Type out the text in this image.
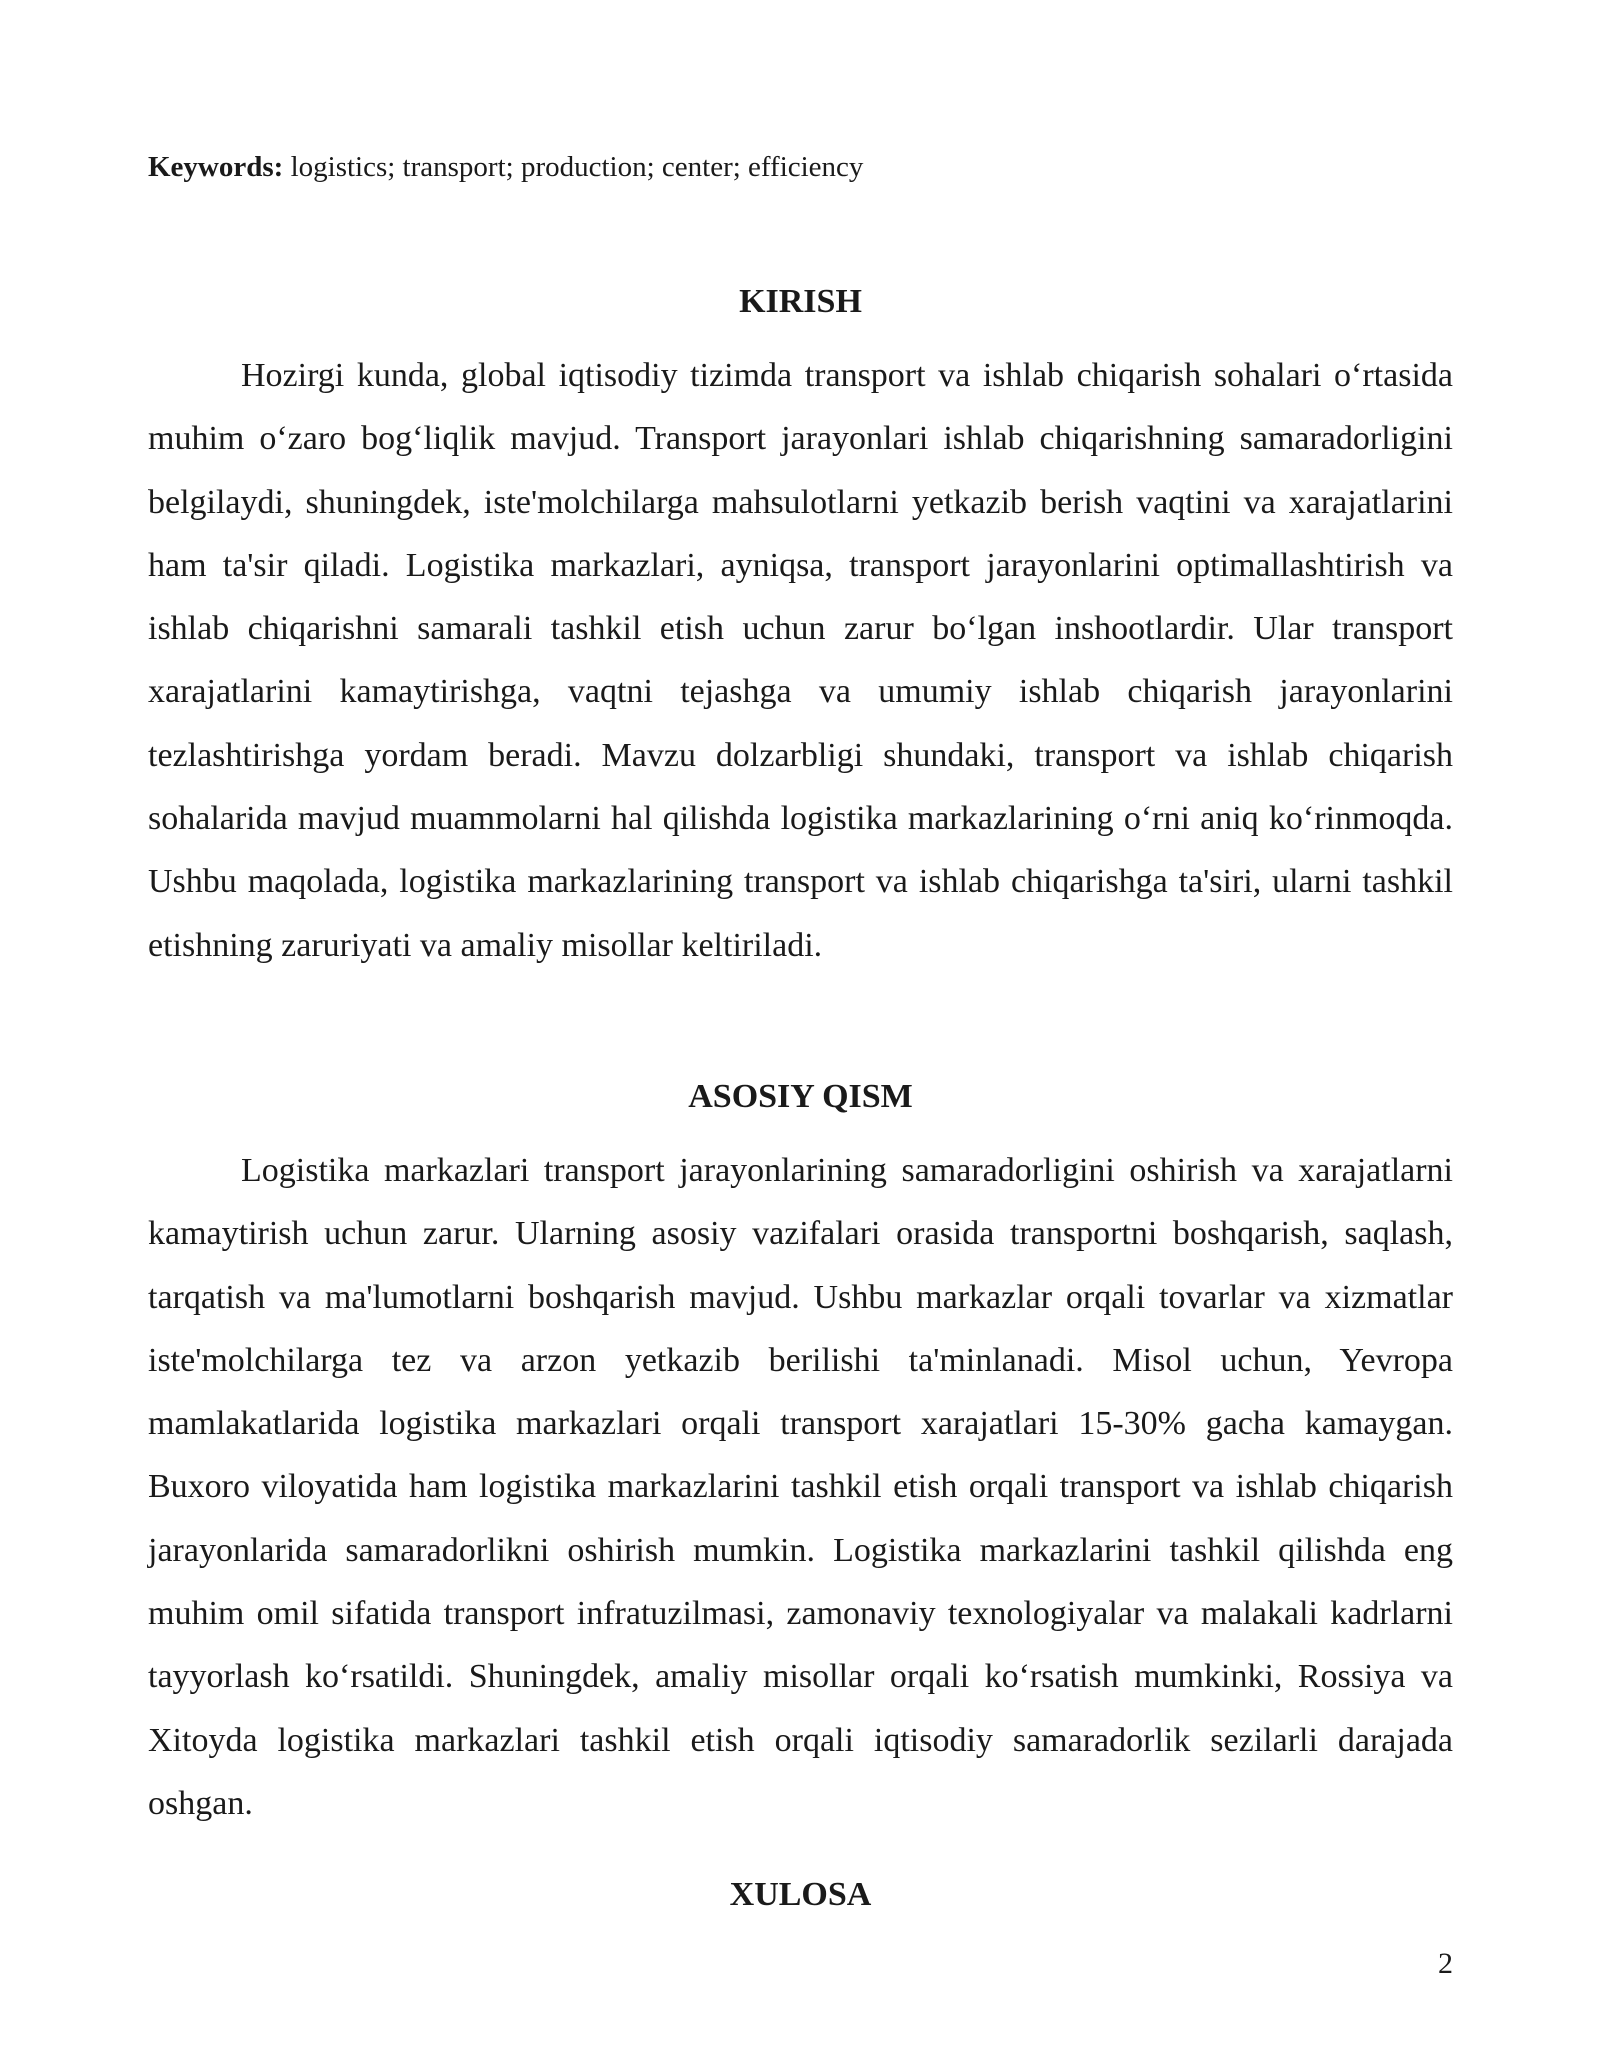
Keywords: logistics; transport; production; center; efficiency
KIRISH

Hozirgi kunda, global iqtisodiy tizimda transport va ishlab chiqarish sohalari o‘rtasida muhim o‘zaro bog‘liqlik mavjud. Transport jarayonlari ishlab chiqarishning samaradorligini belgilaydi, shuningdek, iste'molchilarga mahsulotlarni yetkazib berish vaqtini va xarajatlarini ham ta'sir qiladi. Logistika markazlari, ayniqsa, transport jarayonlarini optimallashtirish va ishlab chiqarishni samarali tashkil etish uchun zarur bo‘lgan inshootlardir. Ular transport xarajatlarini kamaytirishga, vaqtni tejashga va umumiy ishlab chiqarish jarayonlarini tezlashtirishga yordam beradi. Mavzu dolzarbligi shundaki, transport va ishlab chiqarish sohalarida mavjud muammolarni hal qilishda logistika markazlarining o‘rni aniq ko‘rinmoqda. Ushbu maqolada, logistika markazlarining transport va ishlab chiqarishga ta'siri, ularni tashkil etishning zaruriyati va amaliy misollar keltiriladi.

ASOSIY QISM

Logistika markazlari transport jarayonlarining samaradorligini oshirish va xarajatlarni kamaytirish uchun zarur. Ularning asosiy vazifalari orasida transportni boshqarish, saqlash, tarqatish va ma'lumotlarni boshqarish mavjud. Ushbu markazlar orqali tovarlar va xizmatlar iste'molchilarga tez va arzon yetkazib berilishi ta'minlanadi. Misol uchun, Yevropa mamlakatlarida logistika markazlari orqali transport xarajatlari 15-30% gacha kamaygan. Buxoro viloyatida ham logistika markazlarini tashkil etish orqali transport va ishlab chiqarish jarayonlarida samaradorlikni oshirish mumkin. Logistika markazlarini tashkil qilishda eng muhim omil sifatida transport infratuzilmasi, zamonaviy texnologiyalar va malakali kadrlarni tayyorlash ko‘rsatildi. Shuningdek, amaliy misollar orqali ko‘rsatish mumkinki, Rossiya va Xitoyda logistika markazlari tashkil etish orqali iqtisodiy samaradorlik sezilarli darajada oshgan.

XULOSA
2
